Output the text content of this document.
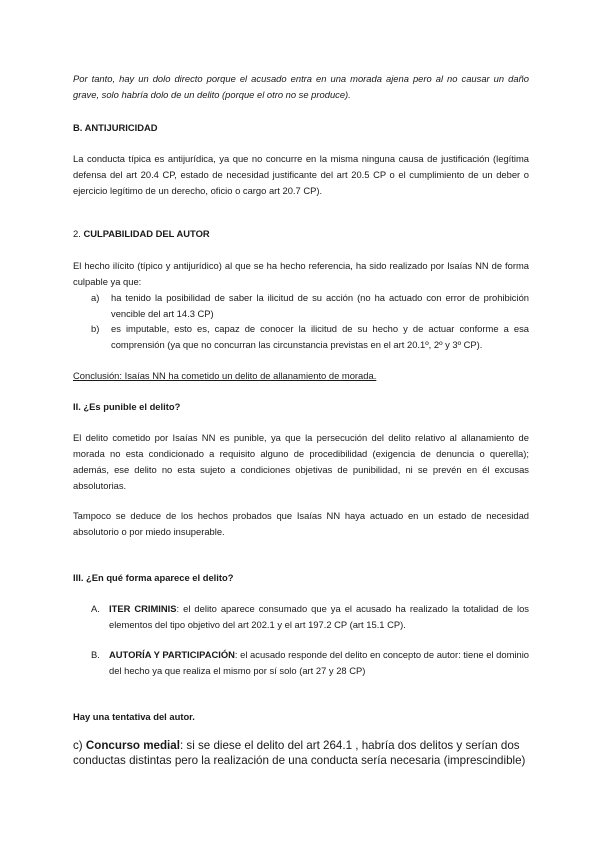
Por tanto, hay un dolo directo porque el acusado entra en una morada ajena pero al no causar un daño grave, solo habría dolo de un delito (porque el otro no se produce).
B. ANTIJURICIDAD
La conducta típica es antijurídica, ya que no concurre en la misma ninguna causa de justificación (legítima defensa del art 20.4 CP, estado de necesidad justificante del art 20.5 CP o el cumplimiento de un deber o ejercicio legítimo de un derecho, oficio o cargo art 20.7 CP).
2. CULPABILIDAD DEL AUTOR
El hecho ilícito (típico y antijurídico) al que se ha hecho referencia, ha sido realizado por Isaías NN de forma culpable ya que:
a) ha tenido la posibilidad de saber la ilicitud de su acción (no ha actuado con error de prohibición vencible del art 14.3 CP)
b) es imputable, esto es, capaz de conocer la ilicitud de su hecho y de actuar conforme a esa comprensión (ya que no concurran las circunstancia previstas en el art 20.1º, 2º y 3º CP).
Conclusión: Isaías NN ha cometido un delito de allanamiento de morada.
II. ¿Es punible el delito?
El delito cometido por Isaías NN es punible, ya que la persecución del delito relativo al allanamiento de morada no esta condicionado a requisito alguno de procedibilidad (exigencia de denuncia o querella); además, ese delito no esta sujeto a condiciones objetivas de punibilidad, ni se prevén en él excusas absolutorias.
Tampoco se deduce de los hechos probados que Isaías NN haya actuado en un estado de necesidad absolutorio o por miedo insuperable.
III. ¿En qué forma aparece el delito?
A. ITER CRIMINIS: el delito aparece consumado que ya el acusado ha realizado la totalidad de los elementos del tipo objetivo del art 202.1 y el art 197.2 CP (art 15.1 CP).
B. AUTORÍA Y PARTICIPACIÓN: el acusado responde del delito en concepto de autor: tiene el dominio del hecho ya que realiza el mismo por sí solo (art 27 y 28 CP)
Hay una tentativa del autor.
c) Concurso medial: si se diese el delito del art 264.1 , habría dos delitos y serían dos conductas distintas pero la realización de una conducta sería necesaria (imprescindible)
